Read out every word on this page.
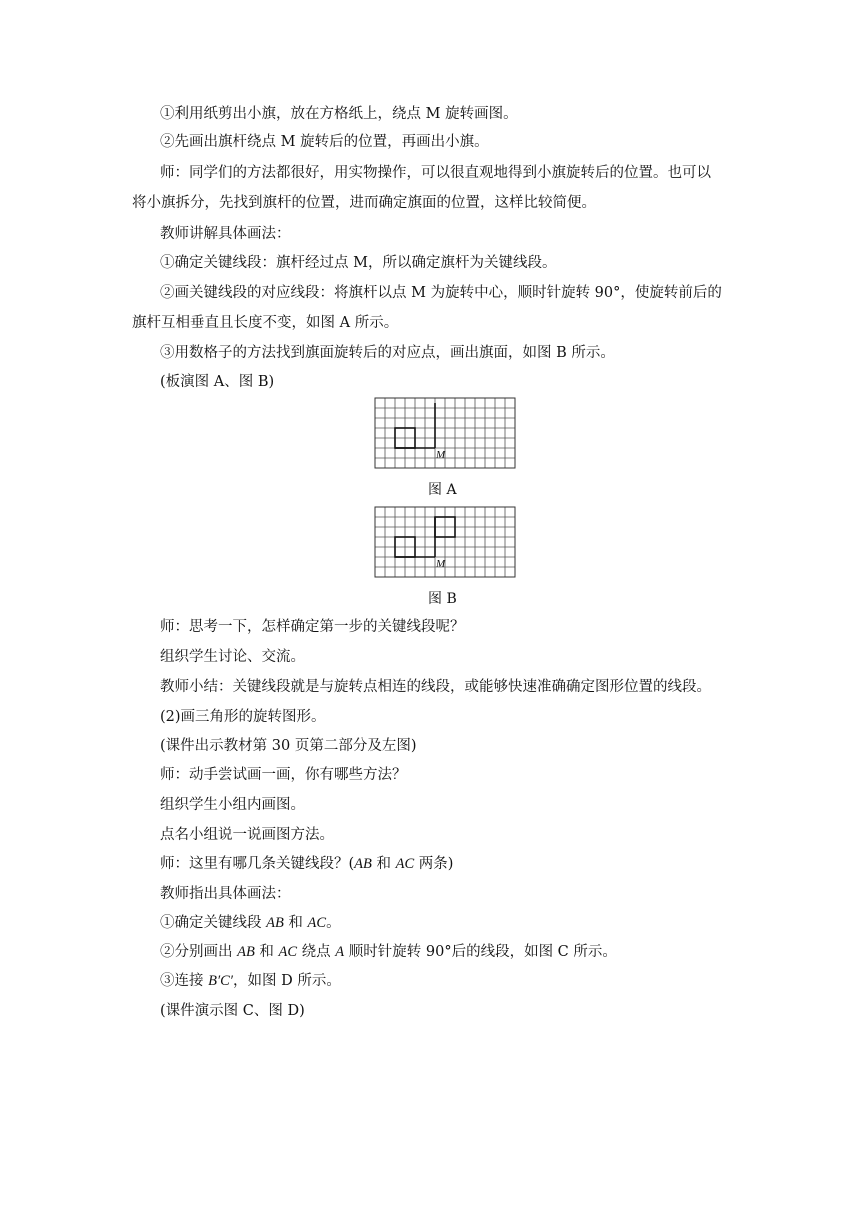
①利用纸剪出小旗，放在方格纸上，绕点 M 旋转画图。
②先画出旗杆绕点 M 旋转后的位置，再画出小旗。
师：同学们的方法都很好，用实物操作，可以很直观地得到小旗旋转后的位置。也可以
将小旗拆分，先找到旗杆的位置，进而确定旗面的位置，这样比较简便。
教师讲解具体画法：
①确定关键线段：旗杆经过点 M，所以确定旗杆为关键线段。
②画关键线段的对应线段：将旗杆以点 M 为旋转中心，顺时针旋转 90°，使旋转前后的
旗杆互相垂直且长度不变，如图 A 所示。
③用数格子的方法找到旗面旋转后的对应点，画出旗面，如图 B 所示。
(板演图 A、图 B)
M
图 A
M
图 B
师：思考一下，怎样确定第一步的关键线段呢？
组织学生讨论、交流。
教师小结：关键线段就是与旋转点相连的线段，或能够快速准确确定图形位置的线段。
(2)画三角形的旋转图形。
(课件出示教材第 30 页第二部分及左图)
师：动手尝试画一画，你有哪些方法？
组织学生小组内画图。
点名小组说一说画图方法。
师：这里有哪几条关键线段？(AB 和 AC 两条)
教师指出具体画法：
①确定关键线段 AB 和 AC。
②分别画出 AB 和 AC 绕点 A 顺时针旋转 90°后的线段，如图 C 所示。
③连接 B′C′，如图 D 所示。
(课件演示图 C、图 D)
